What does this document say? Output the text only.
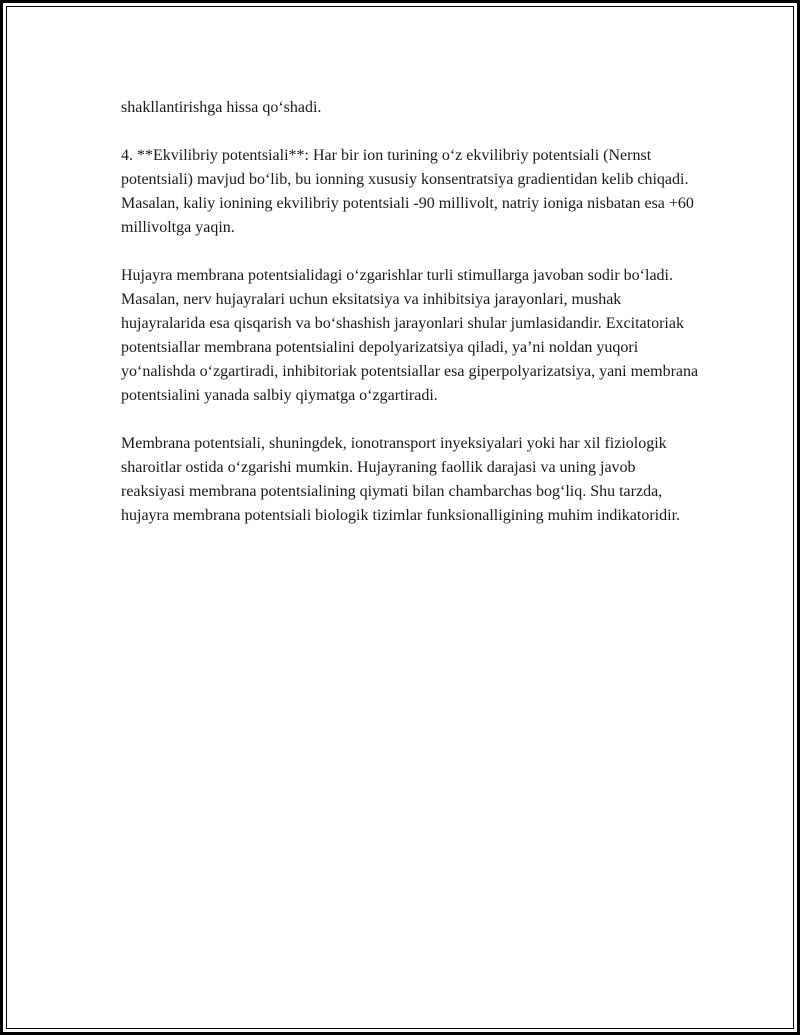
shakllantirishga hissa qo‘shadi.

4. **Ekvilibriy potentsiali**: Har bir ion turining o‘z ekvilibriy potentsiali (Nernst potentsiali) mavjud bo‘lib, bu ionning xususiy konsentratsiya gradientidan kelib chiqadi. Masalan, kaliy ionining ekvilibriy potentsiali -90 millivolt, natriy ioniga nisbatan esa +60 millivoltga yaqin.

Hujayra membrana potentsialidagi o‘zgarishlar turli stimullarga javoban sodir bo‘ladi. Masalan, nerv hujayralari uchun eksitatsiya va inhibitsiya jarayonlari, mushak hujayralarida esa qisqarish va bo‘shashish jarayonlari shular jumlasidandir. Excitatoriak potentsiallar membrana potentsialini depolyarizatsiya qiladi, ya’ni noldan yuqori yo‘nalishda o‘zgartiradi, inhibitoriak potentsiallar esa giperpolyarizatsiya, yani membrana potentsialini yanada salbiy qiymatga o‘zgartiradi.

Membrana potentsiali, shuningdek, ionotransport inyeksiyalari yoki har xil fiziologik sharoitlar ostida o‘zgarishi mumkin. Hujayraning faollik darajasi va uning javob reaksiyasi membrana potentsialining qiymati bilan chambarchas bog‘liq. Shu tarzda, hujayra membrana potentsiali biologik tizimlar funksionalligining muhim indikatoridir.
